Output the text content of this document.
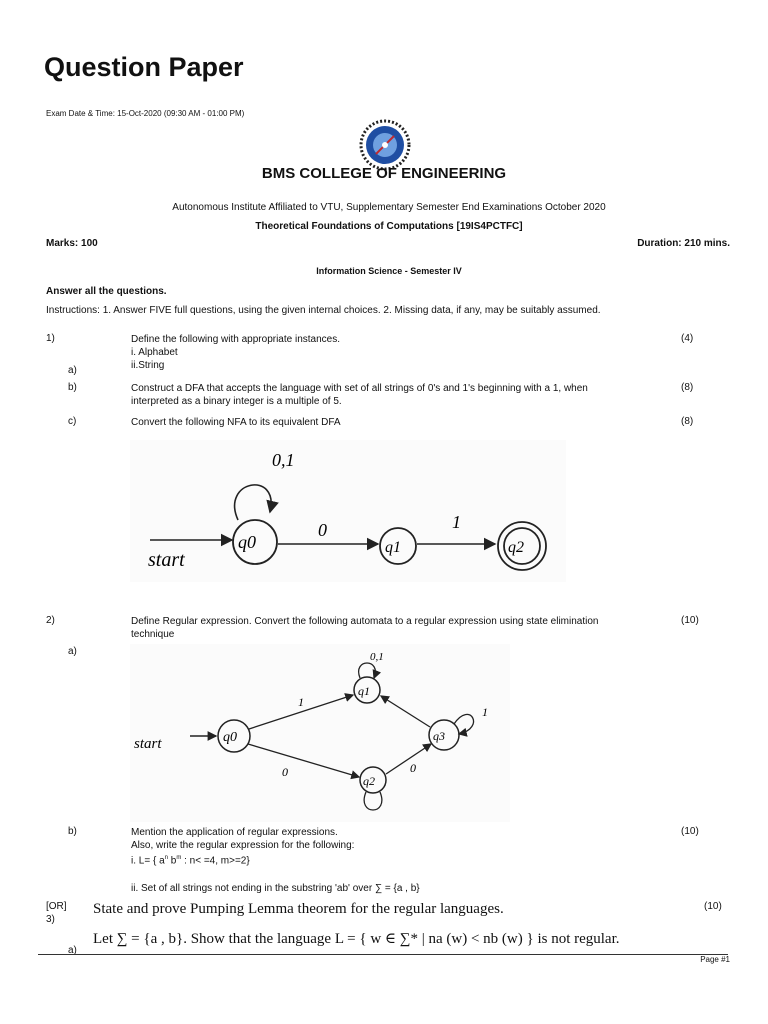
Question Paper
Exam Date & Time: 15-Oct-2020 (09:30 AM - 01:00 PM)
BMS COLLEGE OF ENGINEERING
Autonomous Institute Affiliated to VTU, Supplementary Semester End Examinations October 2020
Theoretical Foundations of Computations [19IS4PCTFC]
Marks: 100	Duration: 210 mins.
Information Science - Semester IV
Answer all the questions.
Instructions: 1. Answer FIVE full questions, using the given internal choices. 2. Missing data, if any, may be suitably assumed.
1)
a)
Define the following with appropriate instances.
i. Alphabet
ii.String
(4)
b)	Construct a DFA that accepts the language with set of all strings of 0's and 1's beginning with a 1, when
interpreted as a binary integer is a multiple of 5.
(8)
c)	Convert the following NFA to its equivalent DFA	(8)
0,1
start
q0
0
q1
1
q2
2)	Define Regular expression. Convert the following automata to a regular expression using state elimination
technique
(10)
a)
start	q0
q1
0,1
q2
q3
1
1
0	0
b)	Mention the application of regular expressions.
Also, write the regular expression for the following:
i. L= { $a^n$ $b^m$ : n< =4, m>=2}
(10)
ii. Set of all strings not ending in the substring 'ab' over ∑ = {a , b}
[OR]
3)
State and prove Pumping Lemma theorem for the regular languages.	(10)
Let ∑ = {a , b}. Show that the language L = { w ∈ ∑* | na (w) < nb (w) } is not regular.
a)
Page #1
